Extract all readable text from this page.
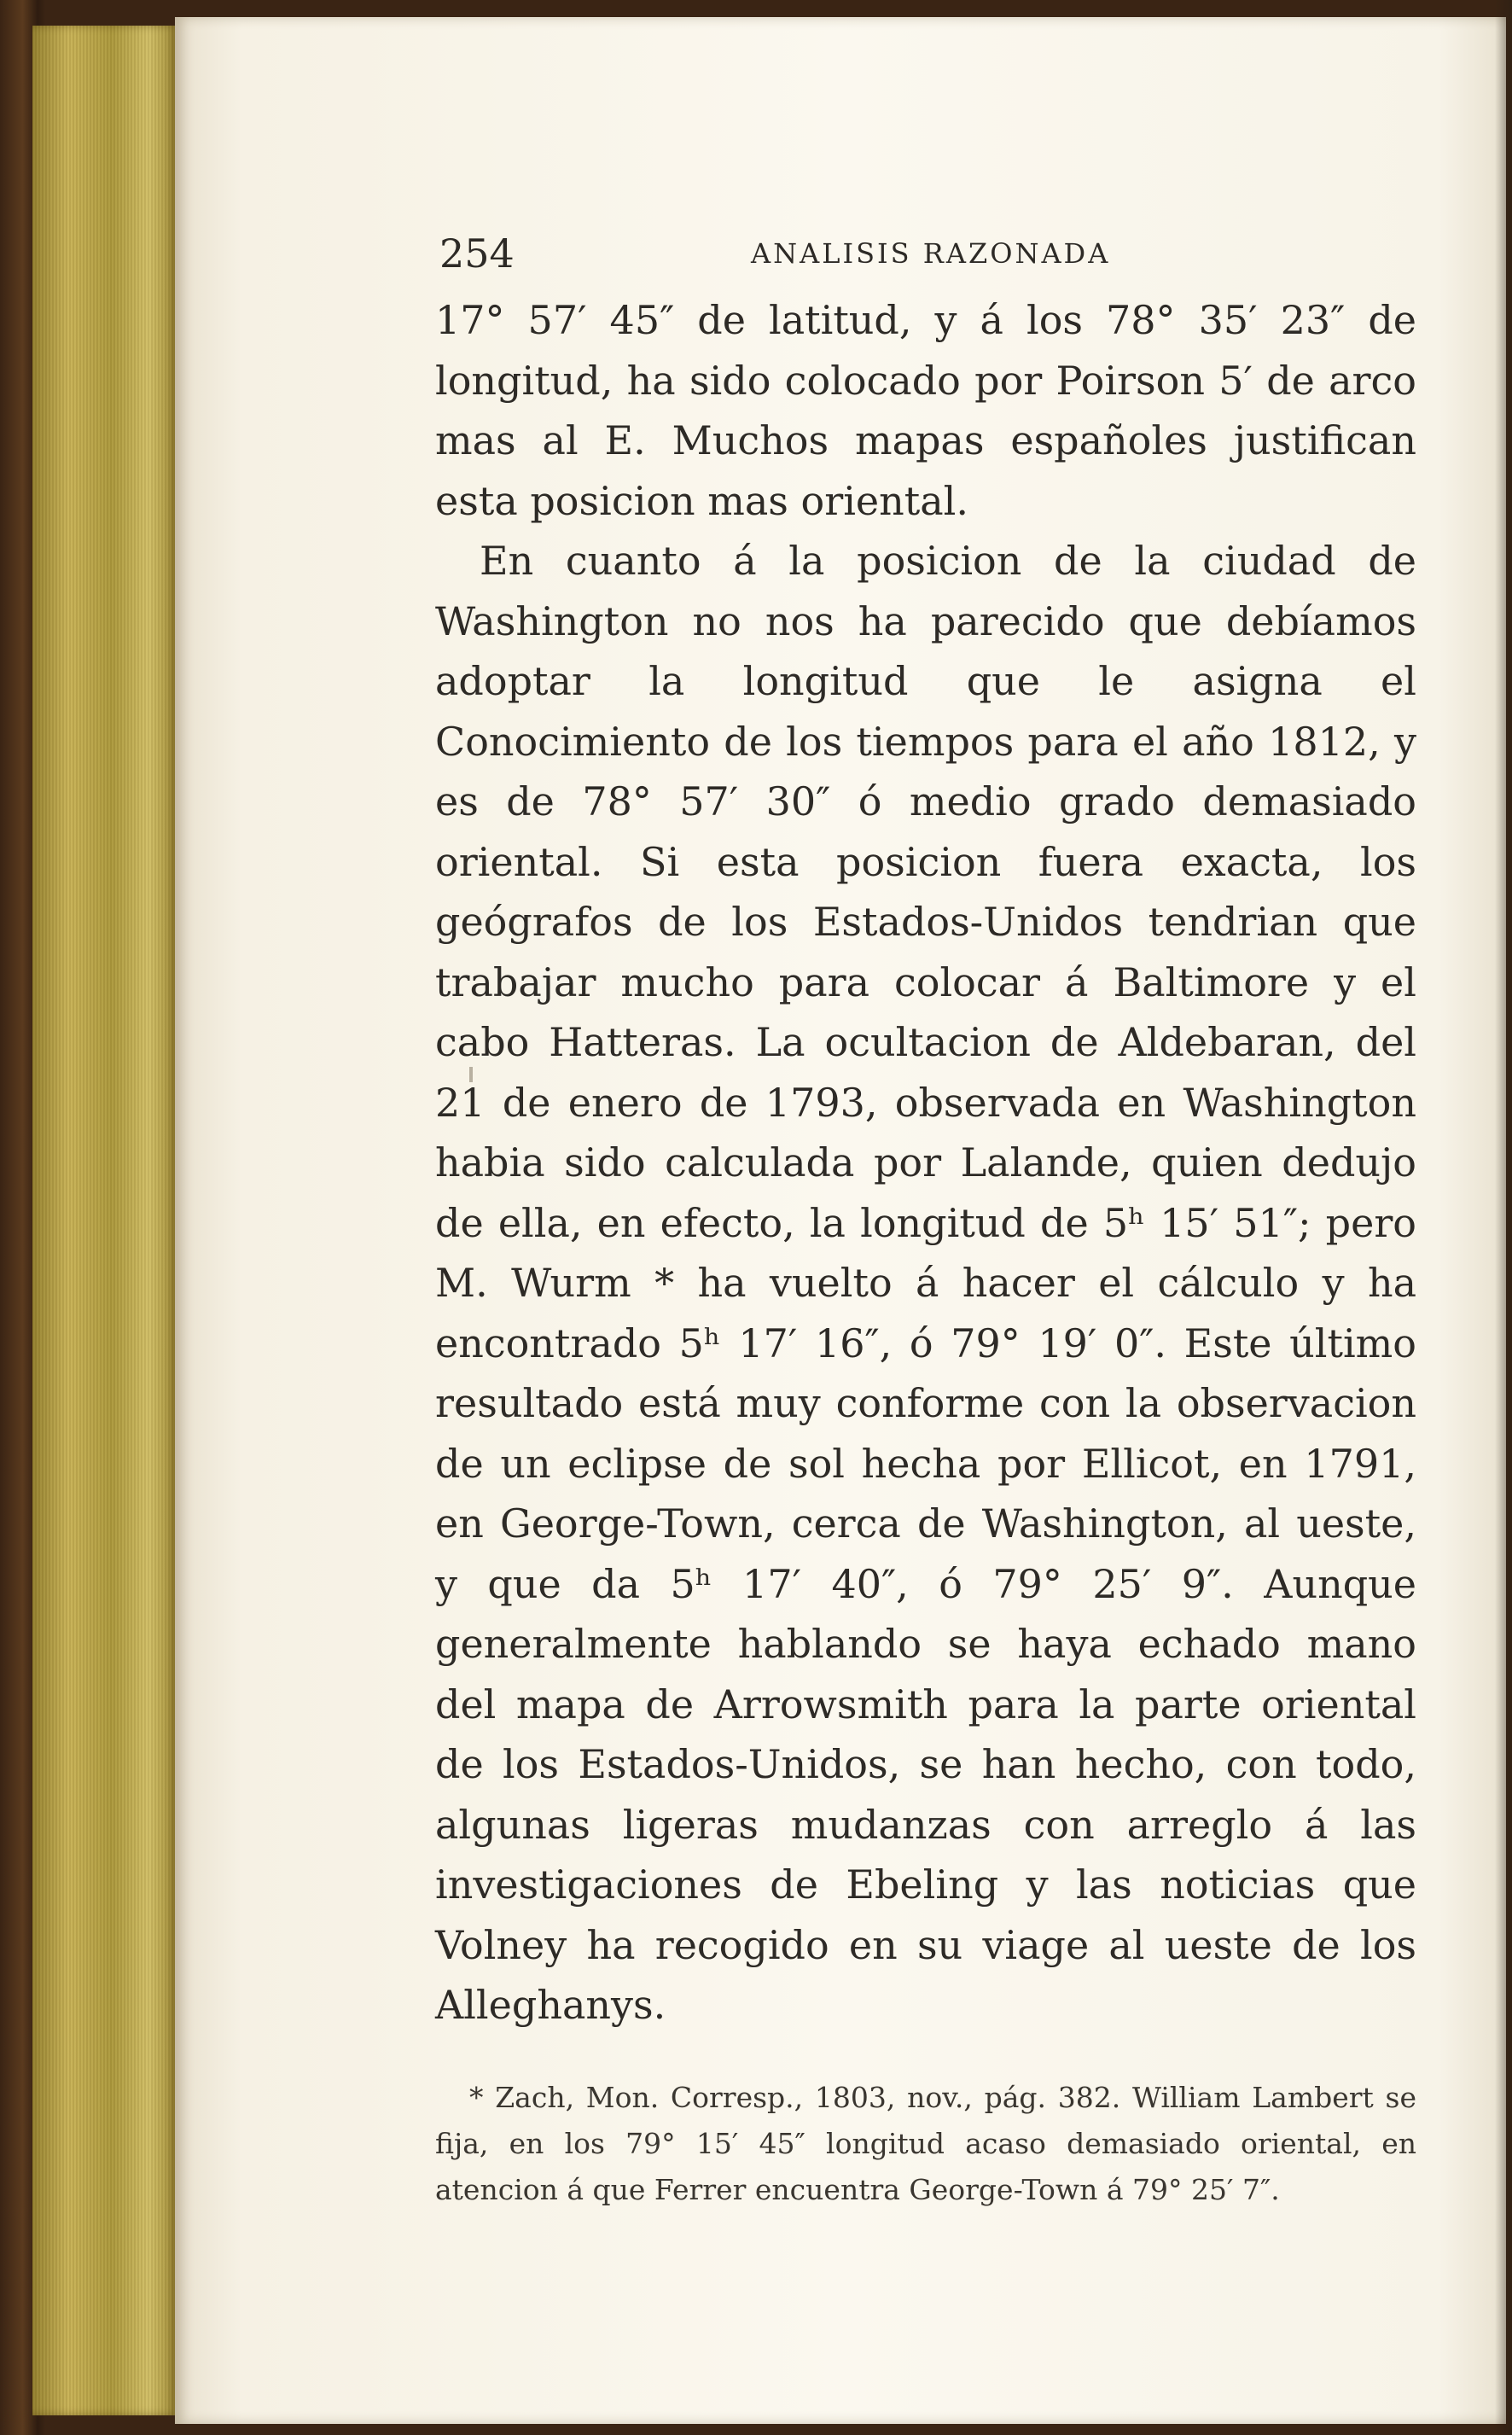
254	ANALISIS RAZONADA

17° 57′ 45″ de latitud, y á los 78° 35′ 23″ de longitud, ha sido colocado por Poirson 5′ de arco mas al E. Muchos mapas españoles justifican esta posicion mas oriental.

En cuanto á la posicion de la ciudad de Washington no nos ha parecido que debíamos adoptar la longitud que le asigna el Conocimiento de los tiempos para el año 1812, y es de 78° 57′ 30″ ó medio grado demasiado oriental. Si esta posicion fuera exacta, los geógrafos de los Estados-Unidos tendrian que trabajar mucho para colocar á Baltimore y el cabo Hatteras. La ocultacion de Aldebaran, del 21 de enero de 1793, observada en Washington habia sido calculada por Lalande, quien dedujo de ella, en efecto, la longitud de 5ʰ 15′ 51″; pero M. Wurm * ha vuelto á hacer el cálculo y ha encontrado 5ʰ 17′ 16″, ó 79° 19′ 0″. Este último resultado está muy conforme con la observacion de un eclipse de sol hecha por Ellicot, en 1791, en George-Town, cerca de Washington, al ueste, y que da 5ʰ 17′ 40″, ó 79° 25′ 9″. Aunque generalmente hablando se haya echado mano del mapa de Arrowsmith para la parte oriental de los Estados-Unidos, se han hecho, con todo, algunas ligeras mudanzas con arreglo á las investigaciones de Ebeling y las noticias que Volney ha recogido en su viage al ueste de los Alleghanys.

* Zach, Mon. Corresp., 1803, nov., pág. 382. William Lambert se fija, en los 79° 15′ 45″ longitud acaso demasiado oriental, en atencion á que Ferrer encuentra George-Town á 79° 25′ 7″.
